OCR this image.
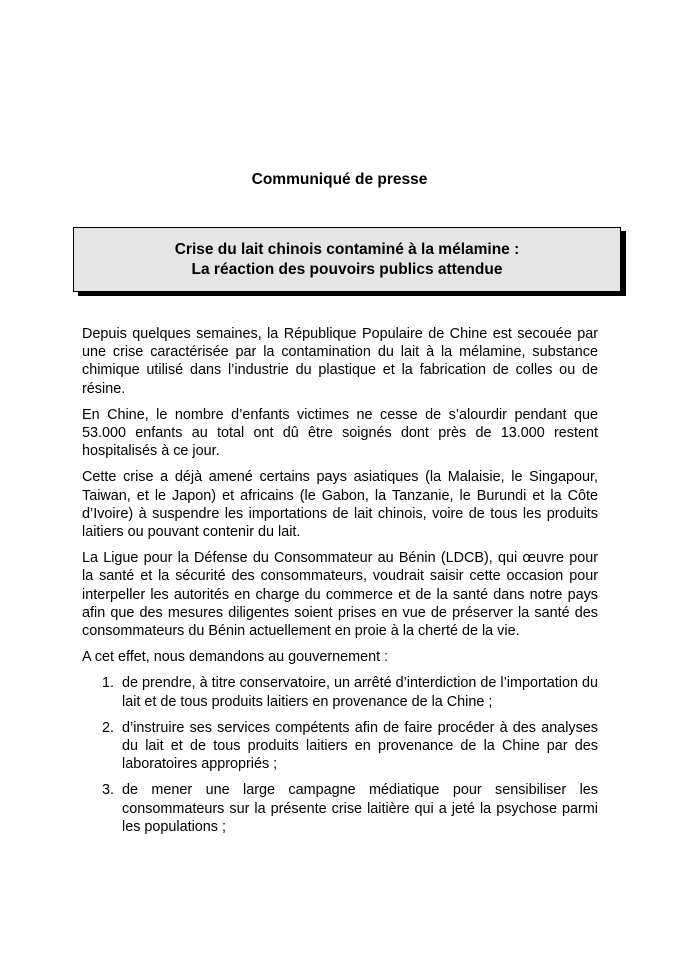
Communiqué de presse
Crise du lait chinois contaminé à la mélamine :
La réaction des pouvoirs publics attendue

Depuis quelques semaines, la République Populaire de Chine est secouée par une crise caractérisée par la contamination du lait à la mélamine, substance chimique utilisé dans l’industrie du plastique et la fabrication de colles ou de résine.

En Chine, le nombre d’enfants victimes ne cesse de s’alourdir pendant que 53.000 enfants au total ont dû être soignés dont près de 13.000 restent hospitalisés à ce jour.

Cette crise a déjà amené certains pays asiatiques (la Malaisie, le Singapour, Taiwan, et le Japon) et africains (le Gabon, la Tanzanie, le Burundi et la Côte d’Ivoire) à suspendre les importations de lait chinois, voire de tous les produits laitiers ou pouvant contenir du lait.

La Ligue pour la Défense du Consommateur au Bénin (LDCB), qui œuvre pour la santé et la sécurité des consommateurs, voudrait saisir cette occasion pour interpeller les autorités en charge du commerce et de la santé dans notre pays afin que des mesures diligentes soient prises en vue de préserver la santé des consommateurs du Bénin actuellement en proie à la cherté de la vie.

A cet effet, nous demandons au gouvernement :

1. de prendre, à titre conservatoire, un arrêté d’interdiction de l’importation du lait et de tous produits laitiers en provenance de la Chine ;
2. d’instruire ses services compétents afin de faire procéder à des analyses du lait et de tous produits laitiers en provenance de la Chine par des laboratoires appropriés ;
3. de mener une large campagne médiatique pour sensibiliser les consommateurs sur la présente crise laitière qui a jeté la psychose parmi les populations ;
